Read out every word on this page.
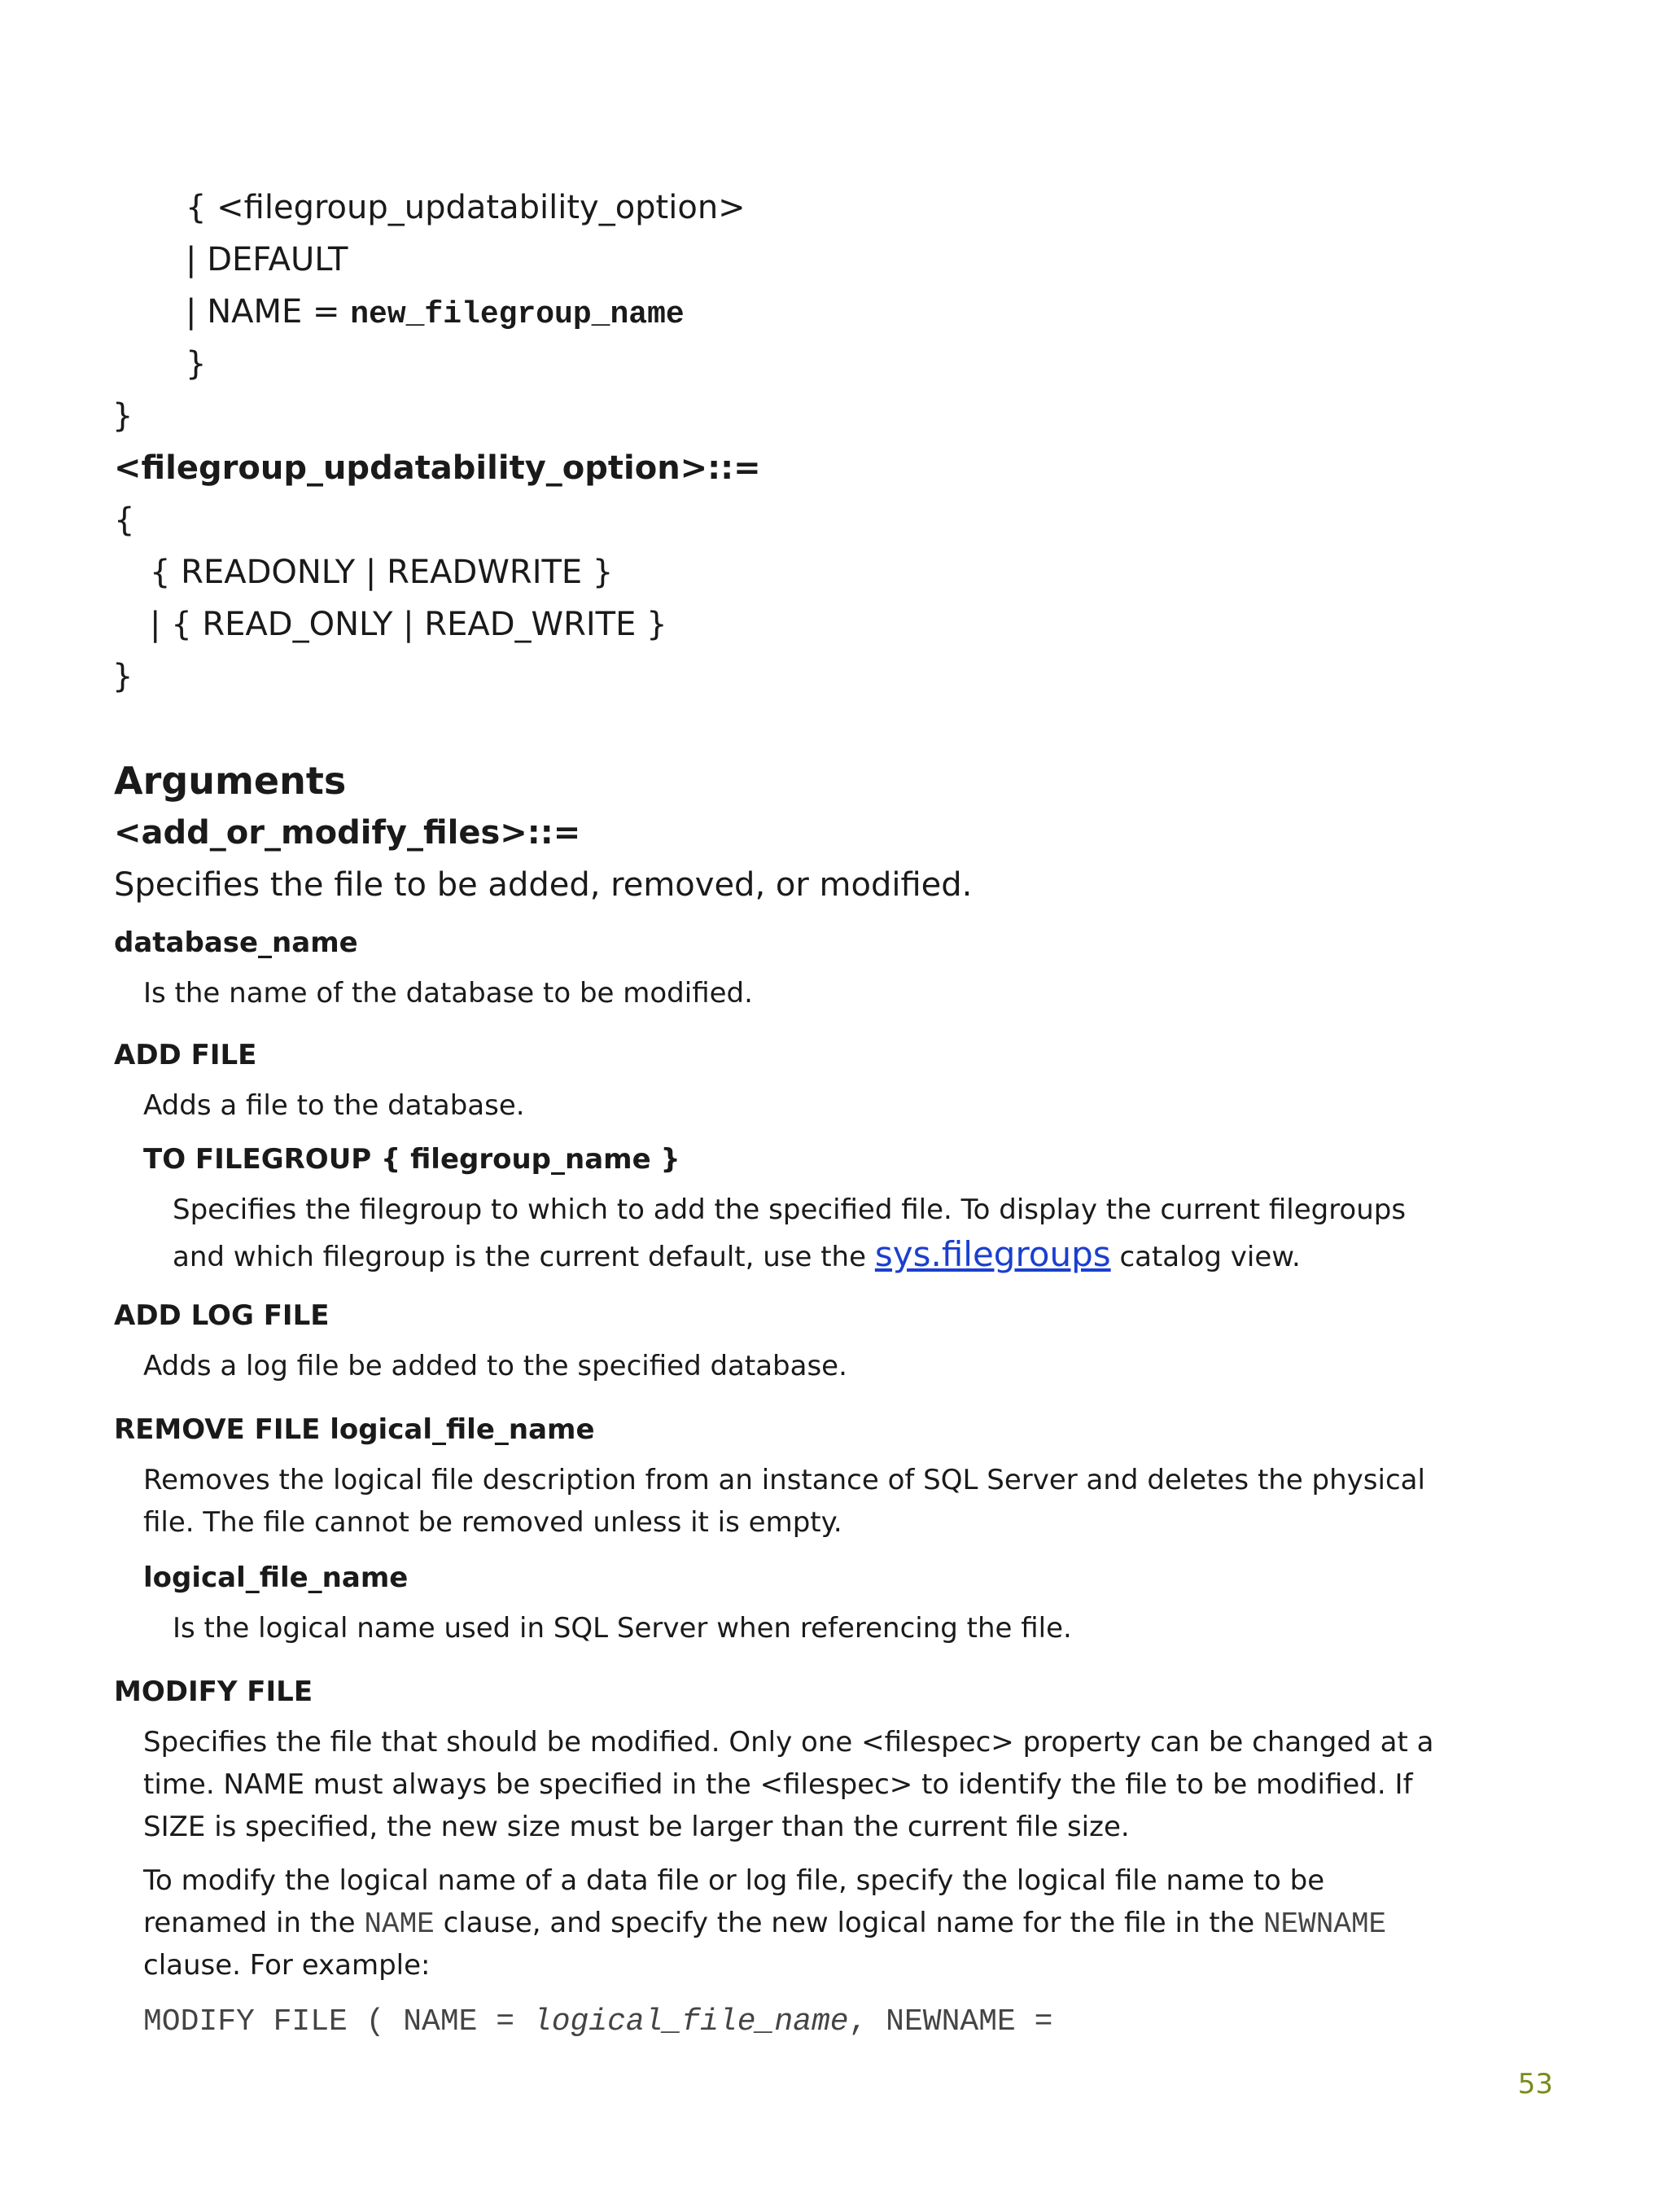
{ <filegroup_updatability_option>
| DEFAULT
| NAME = new_filegroup_name
}
}
<filegroup_updatability_option>::=
{
{ READONLY | READWRITE }
| { READ_ONLY | READ_WRITE }
}
Arguments
<add_or_modify_files>::=
Specifies the file to be added, removed, or modified.
database_name
Is the name of the database to be modified.
ADD FILE
Adds a file to the database.
TO FILEGROUP { filegroup_name }
Specifies the filegroup to which to add the specified file. To display the current filegroups
and which filegroup is the current default, use the sys.filegroups catalog view.
ADD LOG FILE
Adds a log file be added to the specified database.
REMOVE FILE logical_file_name
Removes the logical file description from an instance of SQL Server and deletes the physical
file. The file cannot be removed unless it is empty.
logical_file_name
Is the logical name used in SQL Server when referencing the file.
MODIFY FILE
Specifies the file that should be modified. Only one <filespec> property can be changed at a
time. NAME must always be specified in the <filespec> to identify the file to be modified. If
SIZE is specified, the new size must be larger than the current file size.
To modify the logical name of a data file or log file, specify the logical file name to be
renamed in the NAME clause, and specify the new logical name for the file in the NEWNAME
clause. For example:
MODIFY FILE ( NAME = logical_file_name, NEWNAME =
53
